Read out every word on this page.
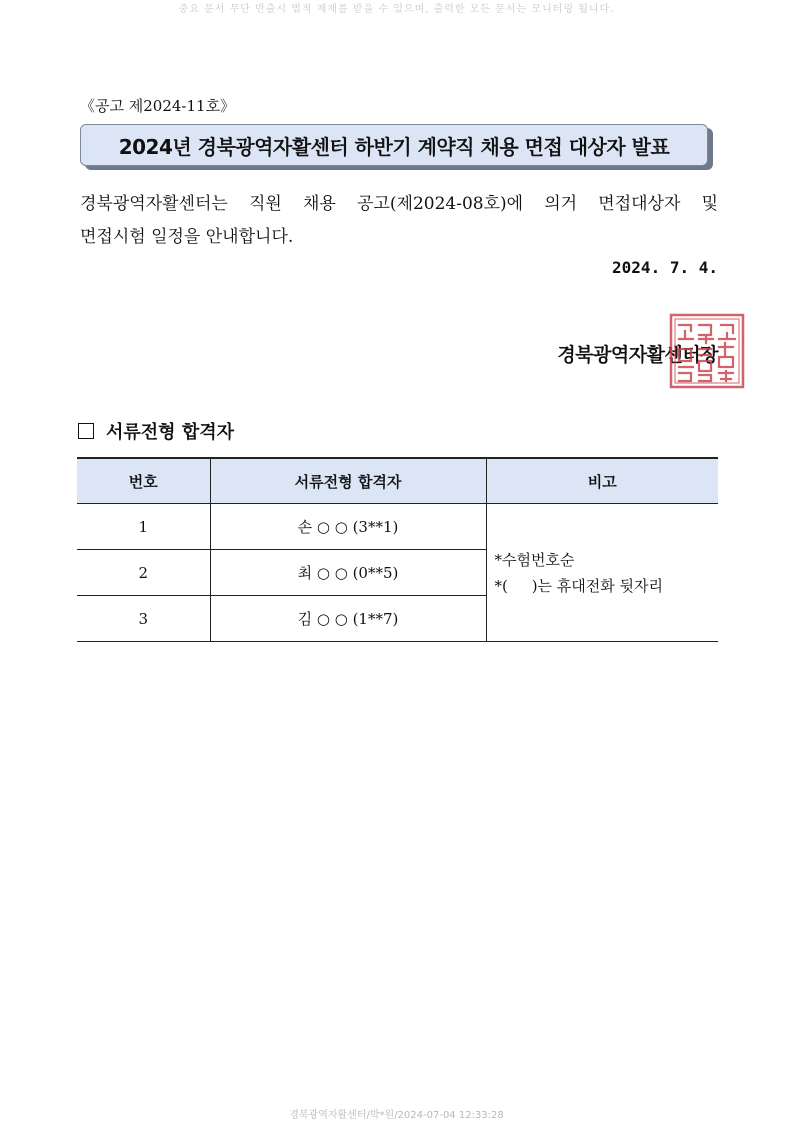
중요 문서 무단 반출시 법적 제재를 받을 수 있으며, 출력한 모든 문서는 모니터링 됩니다.
《공고 제2024-11호》
2024년 경북광역자활센터 하반기 계약직 채용 면접 대상자 발표
경북광역자활센터는 직원 채용 공고(제2024-08호)에 의거 면접대상자 및
면접시험 일정을 안내합니다.
2024. 7. 4.
경북광역자활센터장
서류전형 합격자
번호	서류전형 합격자	비고
1	손 ○ ○ (3**1)	*수험번호순
*(     )는 휴대전화 뒷자리

2	최 ○ ○ (0**5)	
3	김 ○ ○ (1**7)	
경북광역자활센터/박*원/2024-07-04 12:33:28
